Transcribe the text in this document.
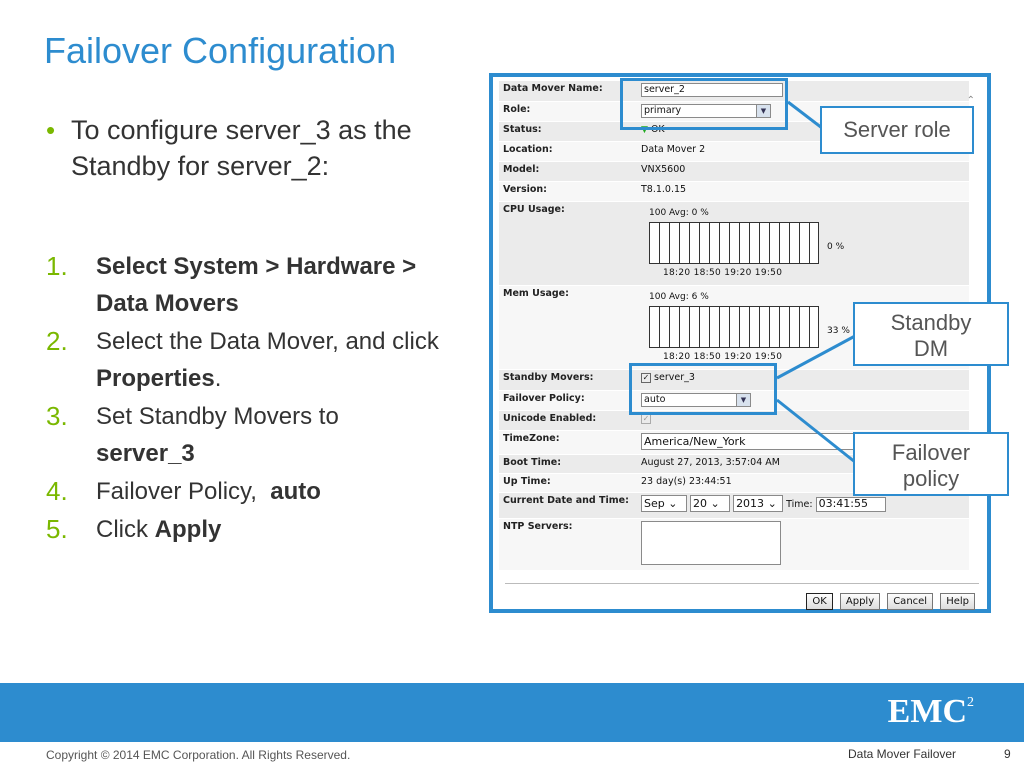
Failover Configuration
• To configure server_3 as the Standby for server_2:
1. Select System > Hardware > Data Movers
2. Select the Data Mover, and click Properties.
3. Set Standby Movers to
server_3
4. Failover Policy,  auto
5. Click Apply
Data Mover Name:	server_2
Role:	primary ▼

Status:	▼ OK
Location:	Data Mover 2
Model:	VNX5600
Version:	T8.1.0.15
CPU Usage:	100 Avg: 0 %
0 %
18:20 18:50 19:20 19:50

Mem Usage:	100 Avg: 6 %
33 %
18:20 18:50 19:20 19:50

Standby Movers:	✓ server_3
Failover Policy:	auto ▼

Unicode Enabled:	✓
TimeZone:	America/New_York
Boot Time:	August 27, 2013, 3:57:04 AM
Up Time:	23 day(s) 23:44:51
Current Date and Time:	Sep ⌄ 20 ⌄ 2013 ⌄ Time: 03:41:55
NTP Servers:	
⌃
OK Apply Cancel Help
Server role
Standby DM
Failover policy
EMC$^2$
Copyright © 2014 EMC Corporation. All Rights Reserved.	Data Mover Failover	9
